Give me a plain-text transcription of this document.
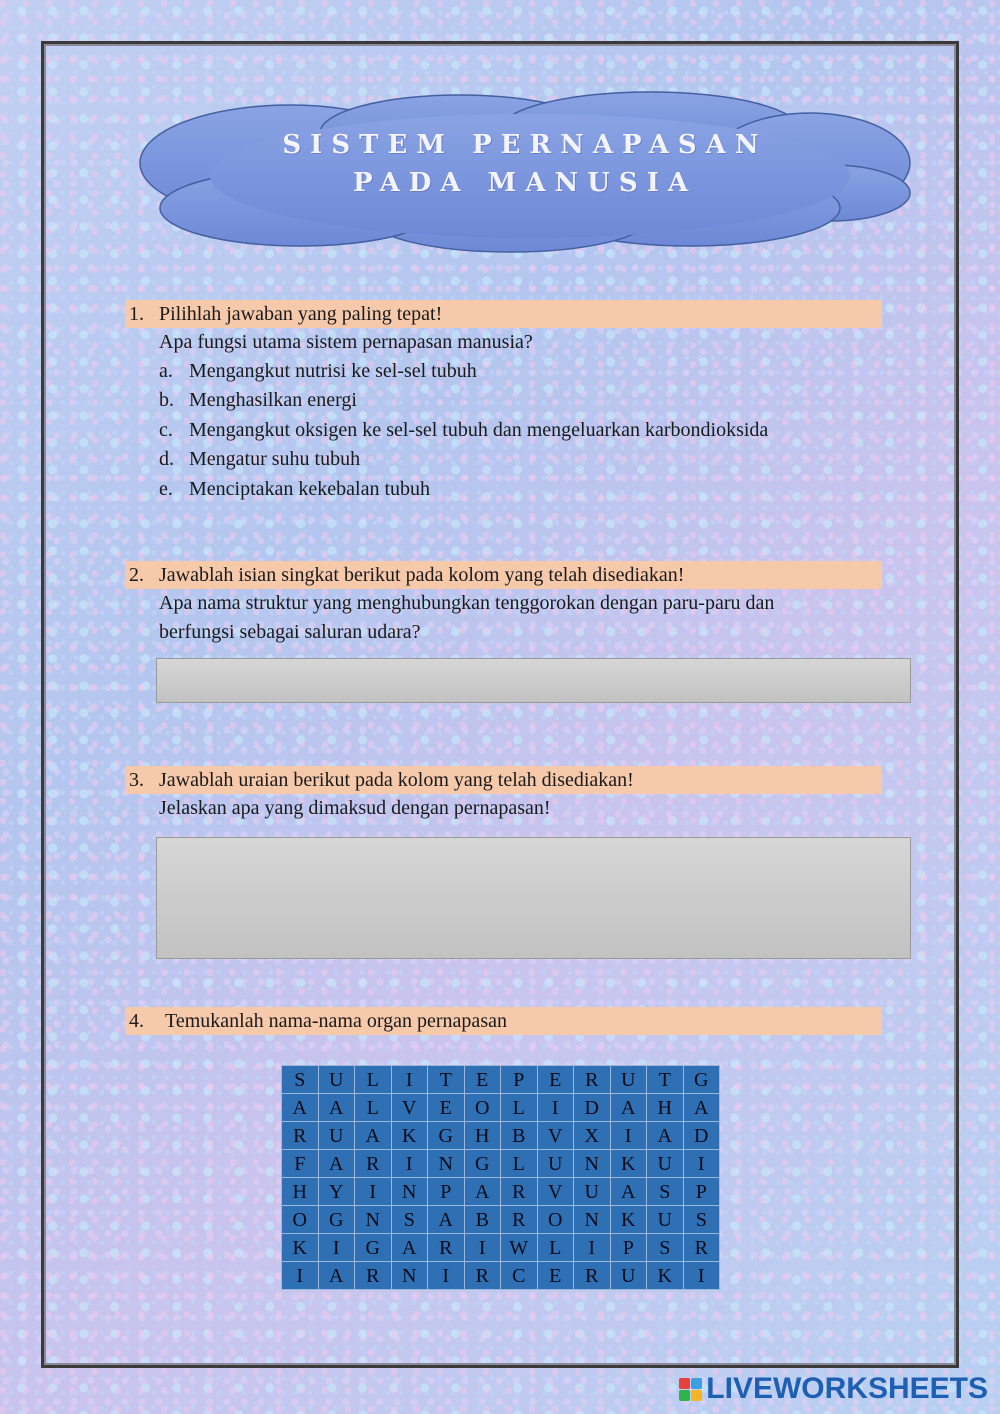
SISTEM PERNAPASAN
PADA MANUSIA
1. Pilihlah jawaban yang paling tepat!
Apa fungsi utama sistem pernapasan manusia?
a. Mengangkut nutrisi ke sel-sel tubuh
b. Menghasilkan energi
c. Mengangkut oksigen ke sel-sel tubuh dan mengeluarkan karbondioksida
d. Mengatur suhu tubuh
e. Menciptakan kekebalan tubuh
2. Jawablah isian singkat berikut pada kolom yang telah disediakan!
Apa nama struktur yang menghubungkan tenggorokan dengan paru-paru dan
berfungsi sebagai saluran udara?
3. Jawablah uraian berikut pada kolom yang telah disediakan!
Jelaskan apa yang dimaksud dengan pernapasan!
4. Temukanlah nama-nama organ pernapasan
S	U	L	I	T	E	P	E	R	U	T	G
A	A	L	V	E	O	L	I	D	A	H	A
R	U	A	K	G	H	B	V	X	I	A	D
F	A	R	I	N	G	L	U	N	K	U	I
H	Y	I	N	P	A	R	V	U	A	S	P
O	G	N	S	A	B	R	O	N	K	U	S
K	I	G	A	R	I	W	L	I	P	S	R
I	A	R	N	I	R	C	E	R	U	K	I
LIVEWORKSHEETS
